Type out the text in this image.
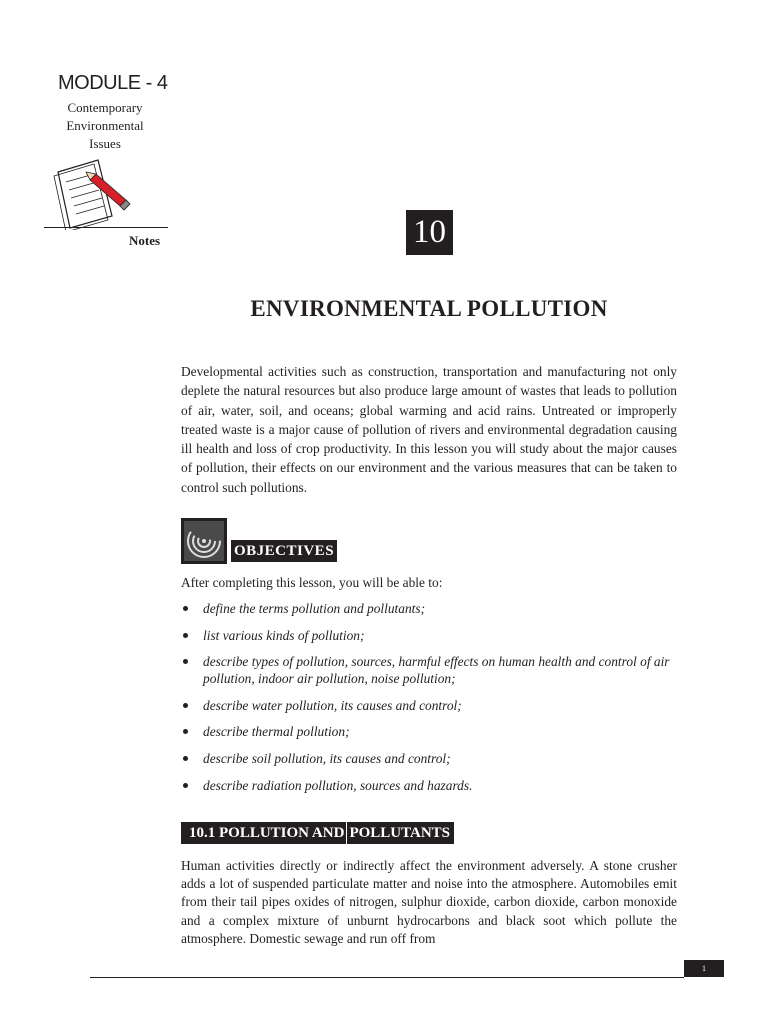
MODULE - 4
Contemporary
Environmental
Issues
Notes	10
ENVIRONMENTAL POLLUTION
Developmental activities such as construction, transportation and manufacturing not only deplete the natural resources but also produce large amount of wastes that leads to pollution of air, water, soil, and oceans; global warming and acid rains. Untreated or improperly treated waste is a major cause of pollution of rivers and environmental degradation causing ill health and loss of crop productivity. In this lesson you will study about the major causes of pollution, their effects on our environment and the various measures that can be taken to control such pollutions.
OBJECTIVES
After completing this lesson, you will be able to:
define the terms pollution and pollutants;
list various kinds of pollution;
describe types of pollution, sources, harmful effects on human health and control of air pollution, indoor air pollution, noise pollution;
describe water pollution, its causes and control;
describe thermal pollution;
describe soil pollution, its causes and control;
describe radiation pollution, sources and hazards.
10.1 POLLUTION AND POLLUTANTS
Human activities directly or indirectly affect the environment adversely. A stone crusher adds a lot of suspended particulate matter and noise into the atmosphere. Automobiles emit from their tail pipes oxides of nitrogen, sulphur dioxide, carbon dioxide, carbon monoxide and a complex mixture of unburnt hydrocarbons and black soot which pollute the atmosphere. Domestic sewage and run off from
1
